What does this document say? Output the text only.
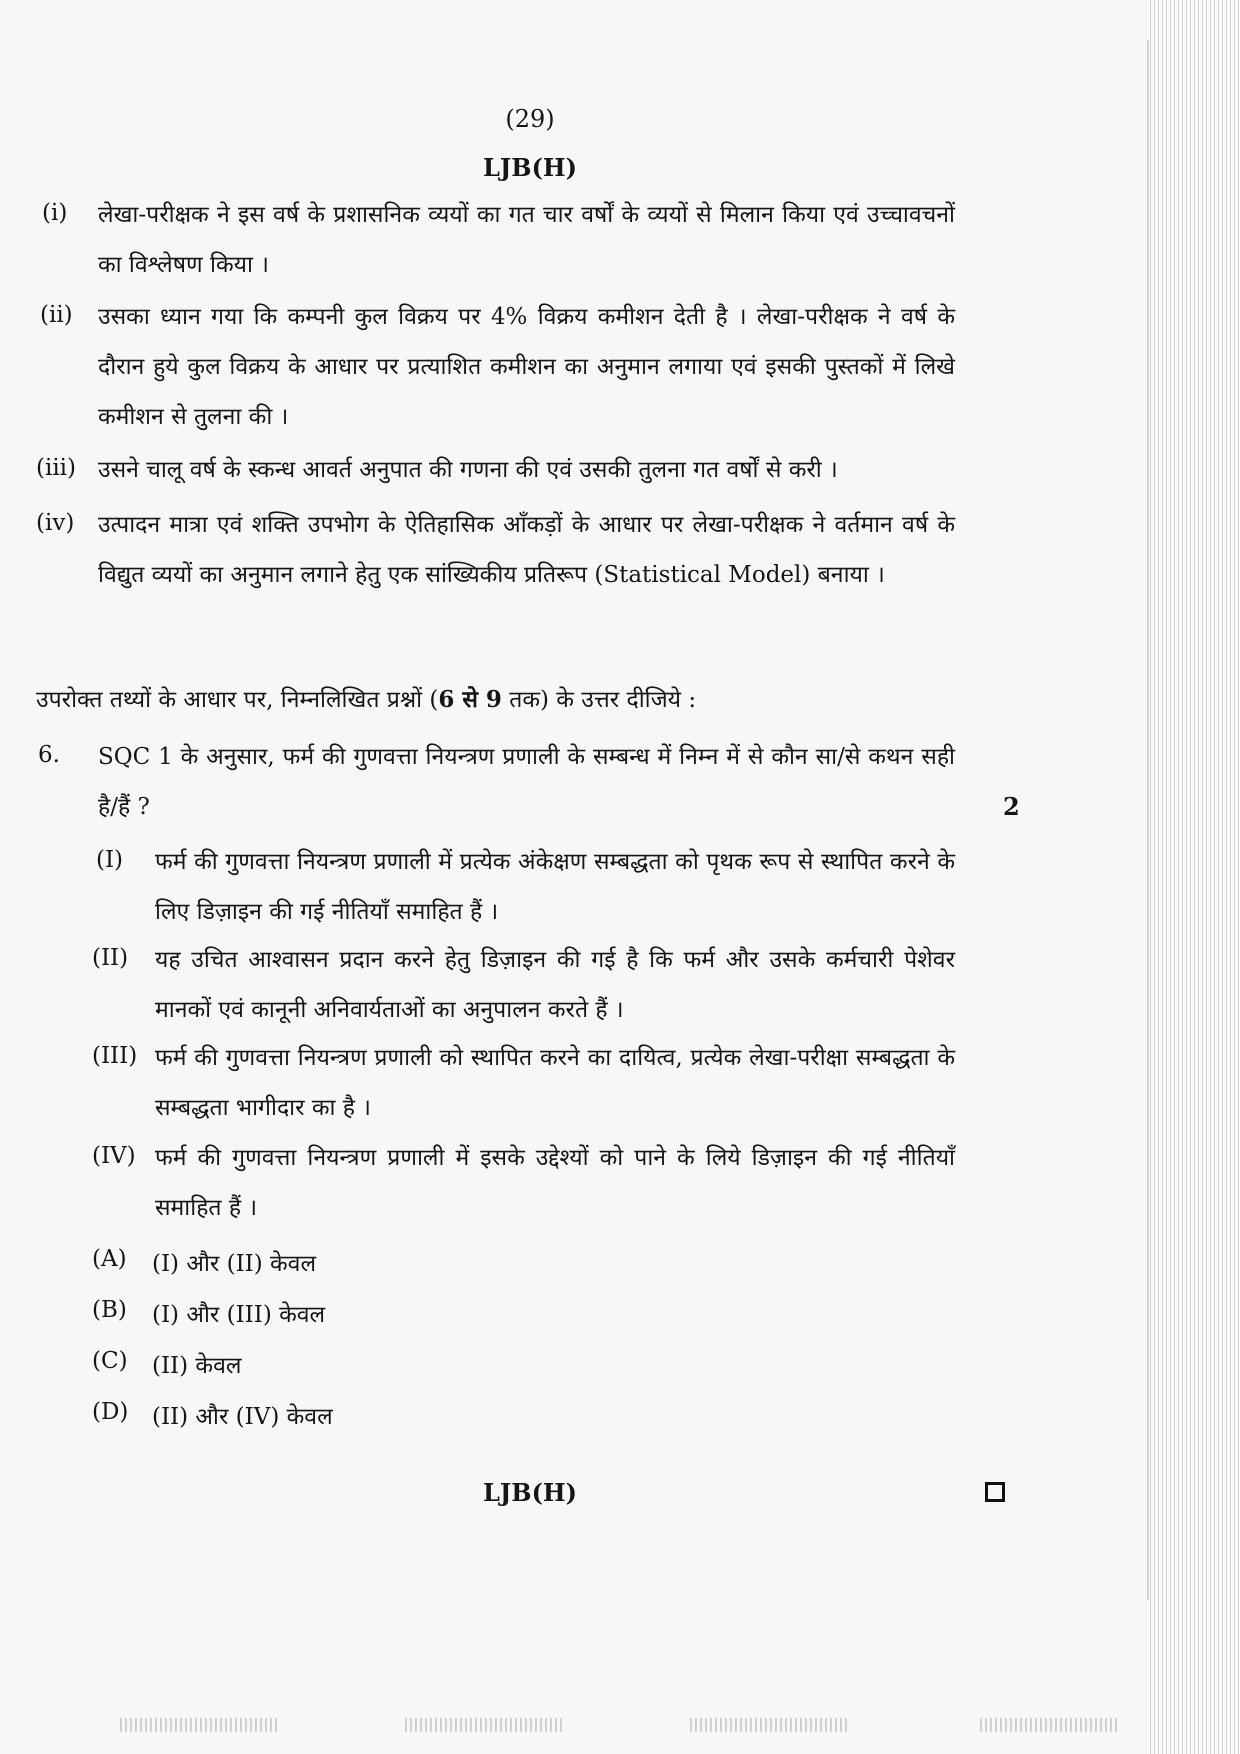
(29)
LJB(H)
(i) लेखा-परीक्षक ने इस वर्ष के प्रशासनिक व्ययों का गत चार वर्षों के व्ययों से मिलान किया एवं उच्चावचनों का विश्लेषण किया ।
(ii) उसका ध्यान गया कि कम्पनी कुल विक्रय पर 4% विक्रय कमीशन देती है । लेखा-परीक्षक ने वर्ष के दौरान हुये कुल विक्रय के आधार पर प्रत्याशित कमीशन का अनुमान लगाया एवं इसकी पुस्तकों में लिखे कमीशन से तुलना की ।
(iii) उसने चालू वर्ष के स्कन्ध आवर्त अनुपात की गणना की एवं उसकी तुलना गत वर्षों से करी ।
(iv) उत्पादन मात्रा एवं शक्ति उपभोग के ऐतिहासिक आँकड़ों के आधार पर लेखा-परीक्षक ने वर्तमान वर्ष के विद्युत व्ययों का अनुमान लगाने हेतु एक सांख्यिकीय प्रतिरूप (Statistical Model) बनाया ।
उपरोक्त तथ्यों के आधार पर, निम्नलिखित प्रश्नों (6 से 9 तक) के उत्तर दीजिये :
6. SQC 1 के अनुसार, फर्म की गुणवत्ता नियन्त्रण प्रणाली के सम्बन्ध में निम्न में से कौन सा/से कथन सही है/हैं ?	2
(I) फर्म की गुणवत्ता नियन्त्रण प्रणाली में प्रत्येक अंकेक्षण सम्बद्धता को पृथक रूप से स्थापित करने के लिए डिज़ाइन की गई नीतियाँ समाहित हैं ।
(II) यह उचित आश्वासन प्रदान करने हेतु डिज़ाइन की गई है कि फर्म और उसके कर्मचारी पेशेवर मानकों एवं कानूनी अनिवार्यताओं का अनुपालन करते हैं ।
(III) फर्म की गुणवत्ता नियन्त्रण प्रणाली को स्थापित करने का दायित्व, प्रत्येक लेखा-परीक्षा सम्बद्धता के सम्बद्धता भागीदार का है ।
(IV) फर्म की गुणवत्ता नियन्त्रण प्रणाली में इसके उद्देश्यों को पाने के लिये डिज़ाइन की गई नीतियाँ समाहित हैं ।
(A) (I) और (II) केवल
(B) (I) और (III) केवल
(C) (II) केवल
(D) (II) और (IV) केवल
LJB(H)
